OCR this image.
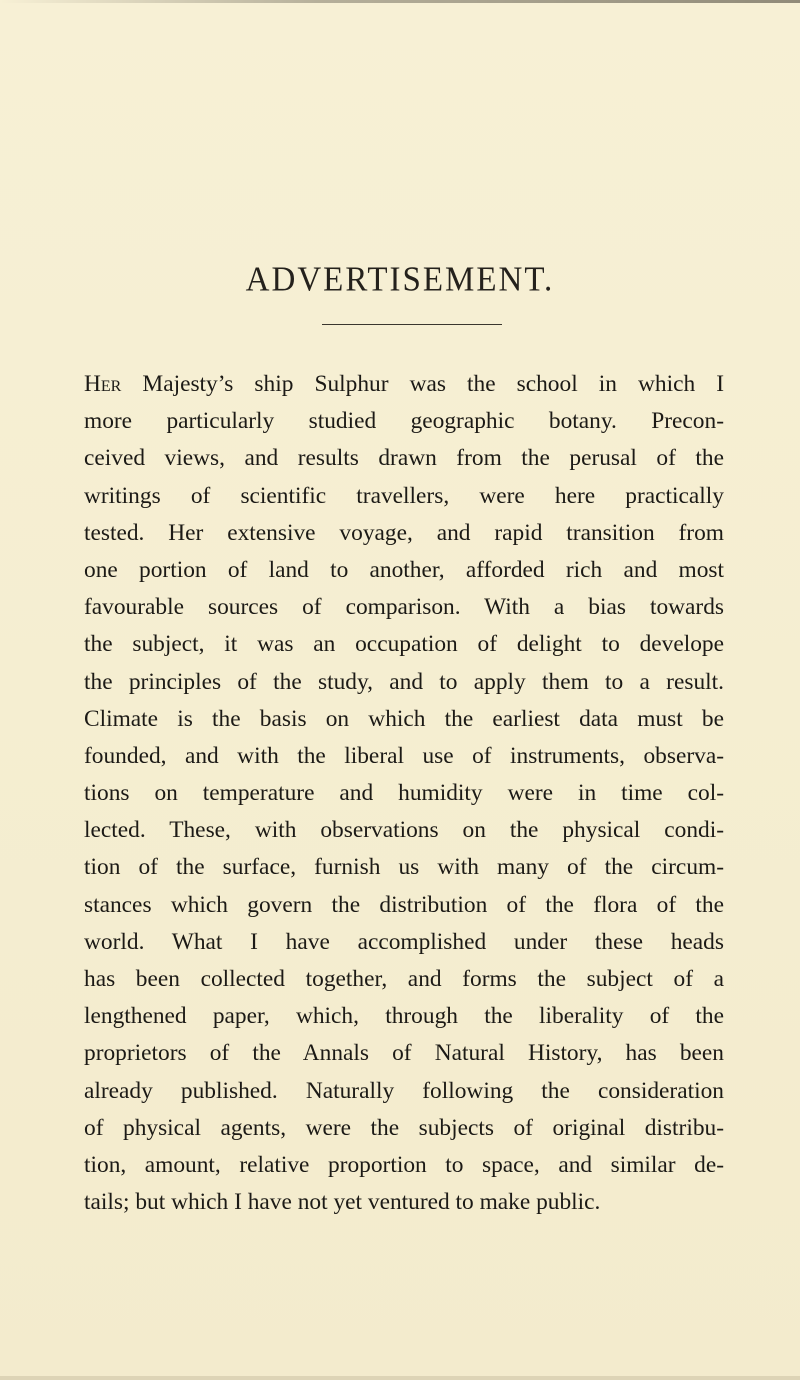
ADVERTISEMENT.
Her Majesty’s ship Sulphur was the school in which I
more particularly studied geographic botany. Precon-
ceived views, and results drawn from the perusal of the
writings of scientific travellers, were here practically
tested. Her extensive voyage, and rapid transition from
one portion of land to another, afforded rich and most
favourable sources of comparison. With a bias towards
the subject, it was an occupation of delight to develope
the principles of the study, and to apply them to a result.
Climate is the basis on which the earliest data must be
founded, and with the liberal use of instruments, observa-
tions on temperature and humidity were in time col-
lected. These, with observations on the physical condi-
tion of the surface, furnish us with many of the circum-
stances which govern the distribution of the flora of the
world. What I have accomplished under these heads
has been collected together, and forms the subject of a
lengthened paper, which, through the liberality of the
proprietors of the Annals of Natural History, has been
already published. Naturally following the consideration
of physical agents, were the subjects of original distribu-
tion, amount, relative proportion to space, and similar de-
tails; but which I have not yet ventured to make public.
